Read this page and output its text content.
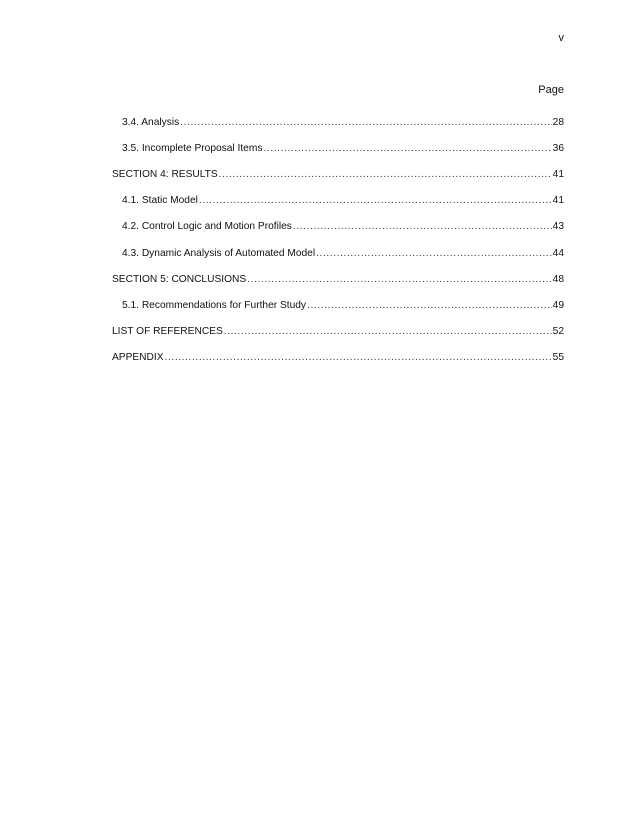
v
Page
3.4. Analysis .....	28
3.5. Incomplete Proposal Items .....	36
SECTION 4: RESULTS .....	41
4.1. Static Model .....	41
4.2. Control Logic and Motion Profiles .....	43
4.3. Dynamic Analysis of Automated Model .....	44
SECTION 5: CONCLUSIONS .....	48
5.1. Recommendations for Further Study .....	49
LIST OF REFERENCES .....	52
APPENDIX .....	55
